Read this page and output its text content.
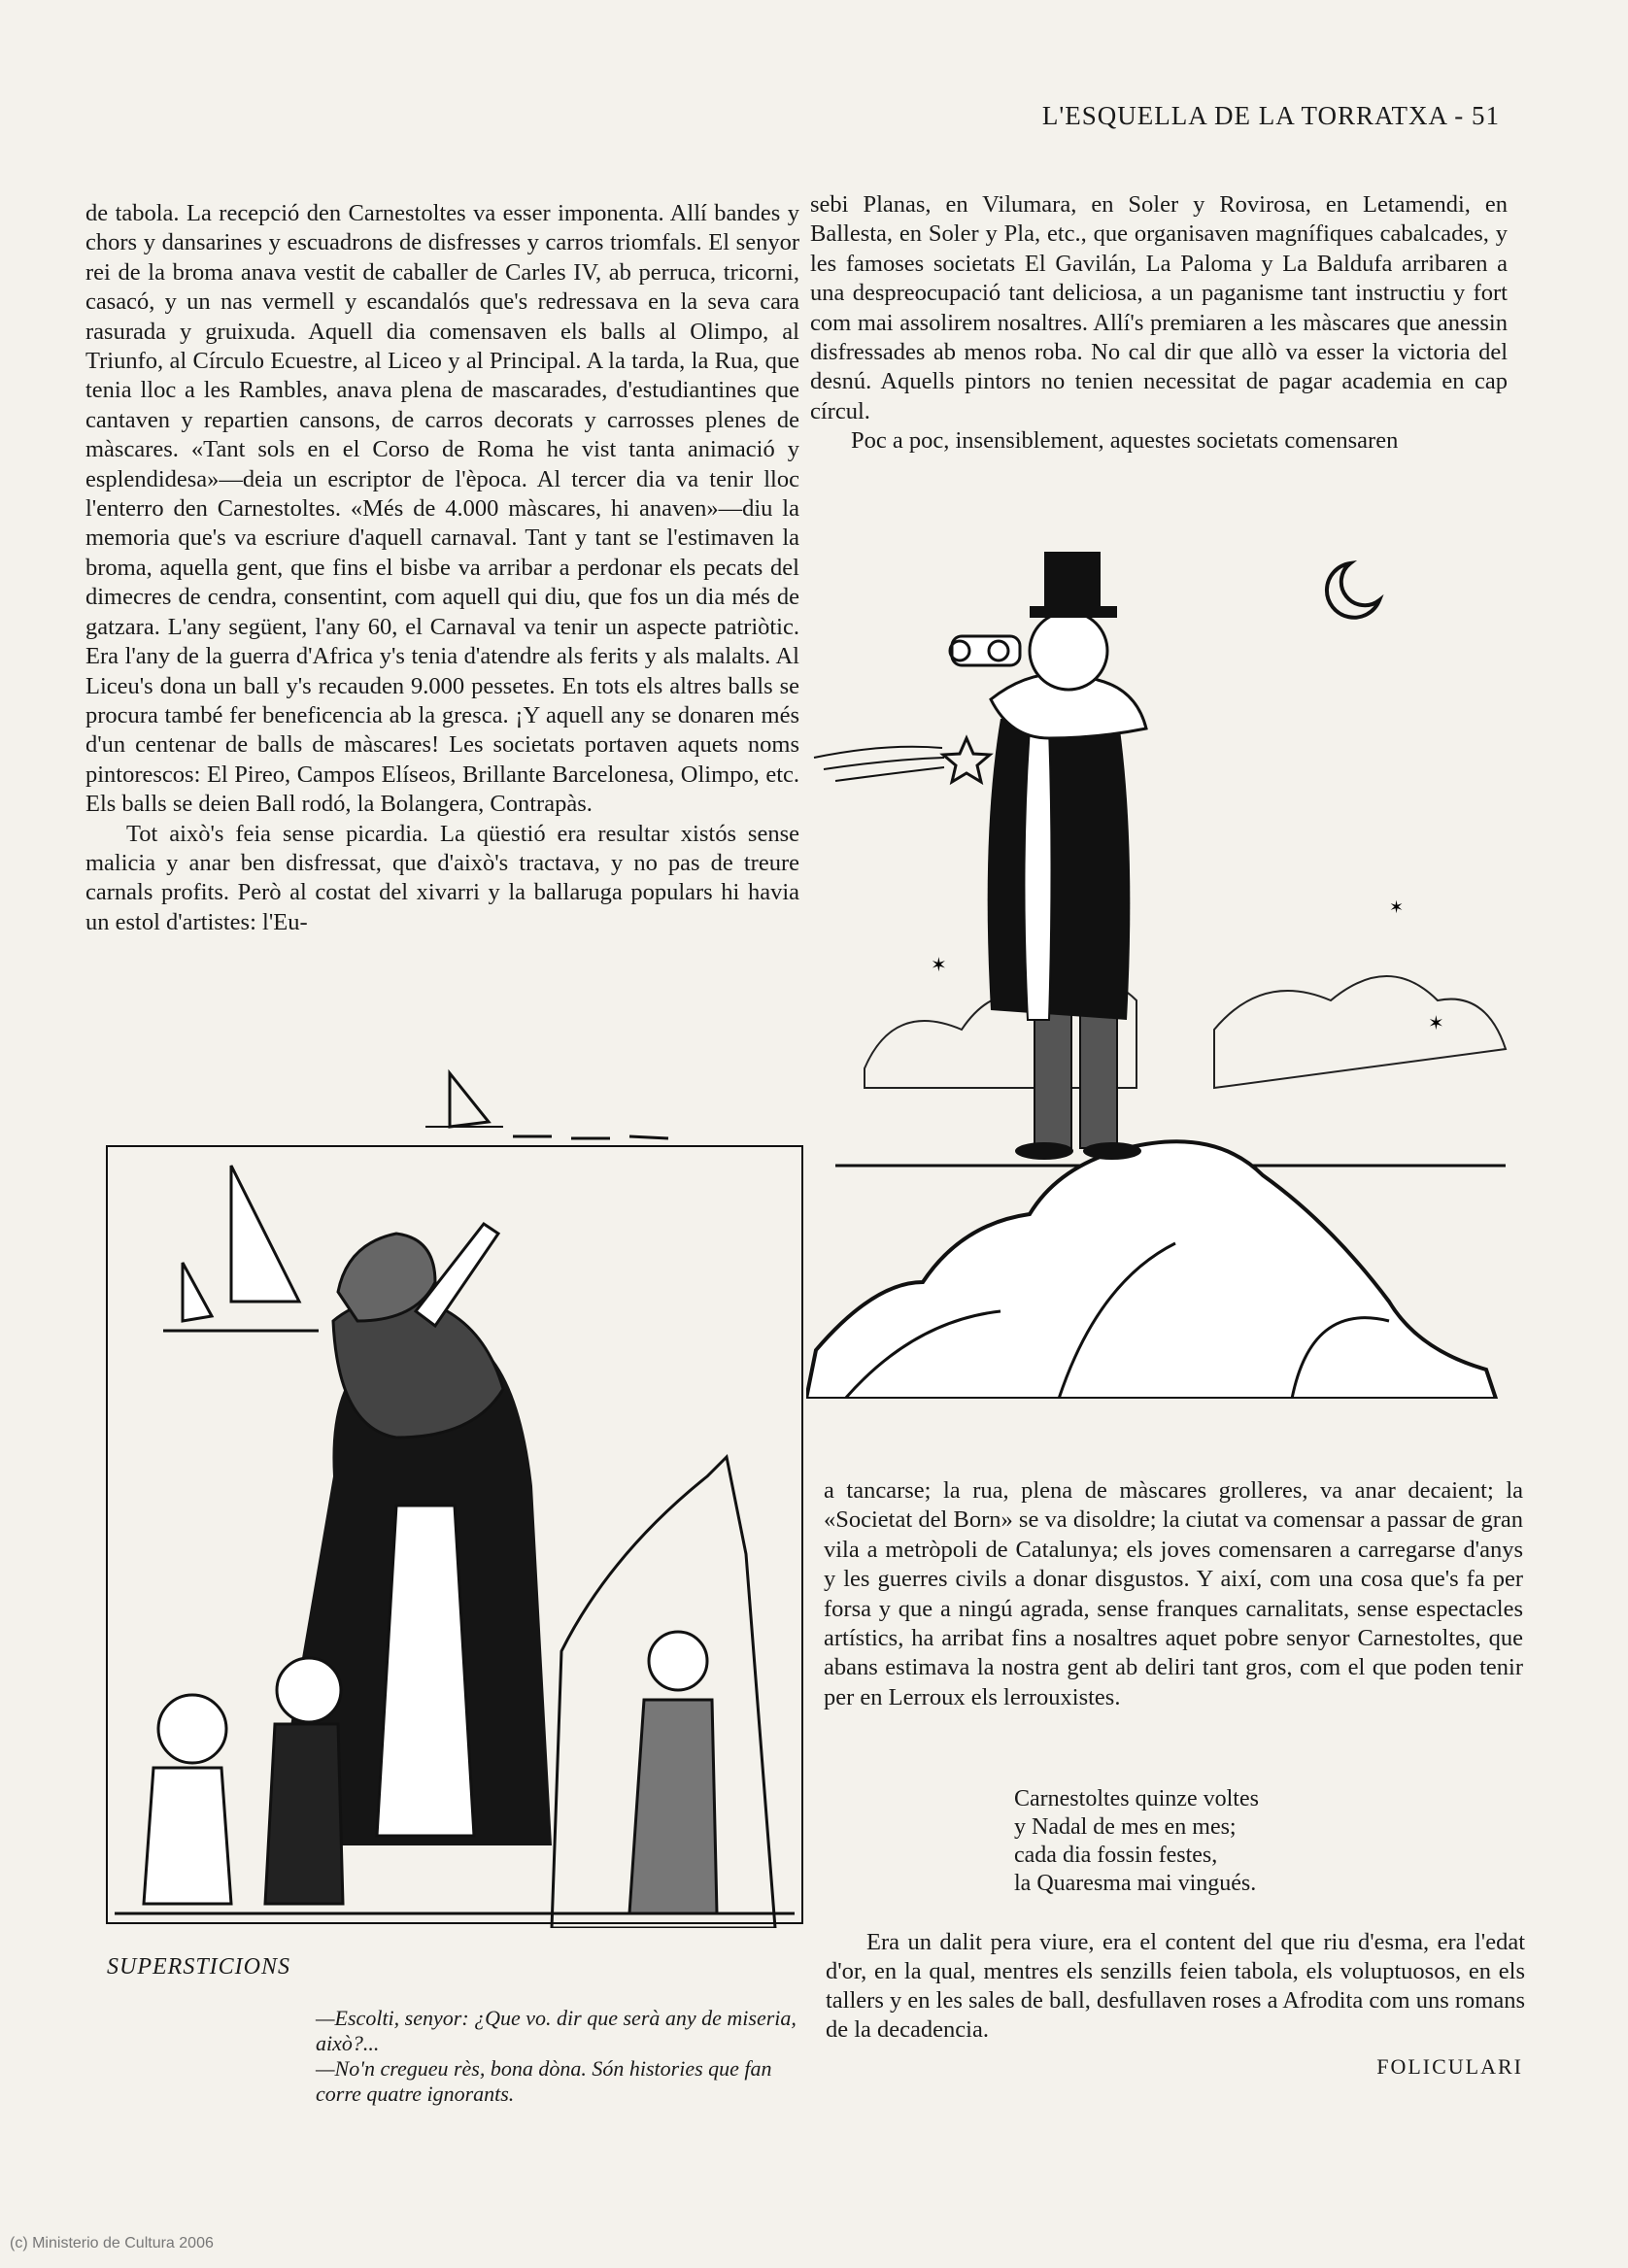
L'ESQUELLA DE LA TORRATXA - 51

de tabola. La recepció den Carnestoltes va esser imponenta. Allí bandes y chors y dansarines y escuadrons de disfresses y carros triomfals. El senyor rei de la broma anava vestit de caballer de Carles IV, ab perruca, tricorni, casacó, y un nas vermell y escandalós que's redressava en la seva cara rasurada y gruixuda. Aquell dia comensaven els balls al Olimpo, al Triunfo, al Círculo Ecuestre, al Liceo y al Principal. A la tarda, la Rua, que tenia lloc a les Rambles, anava plena de mascarades, d'estudiantines que cantaven y repartien cansons, de carros decorats y carrosses plenes de màscares. «Tant sols en el Corso de Roma he vist tanta animació y esplendidesa»—deia un escriptor de l'època. Al tercer dia va tenir lloc l'enterro den Carnestoltes. «Més de 4.000 màscares, hi anaven»—diu la memoria que's va escriure d'aquell carnaval. Tant y tant se l'estimaven la broma, aquella gent, que fins el bisbe va arribar a perdonar els pecats del dimecres de cendra, consentint, com aquell qui diu, que fos un dia més de gatzara. L'any següent, l'any 60, el Carnaval va tenir un aspecte patriòtic. Era l'any de la guerra d'Africa y's tenia d'atendre als ferits y als malalts. Al Liceu's dona un ball y's recauden 9.000 pessetes. En tots els altres balls se procura també fer beneficencia ab la gresca. ¡Y aquell any se donaren més d'un centenar de balls de màscares! Les societats portaven aquets noms pintorescos: El Pireo, Campos Elíseos, Brillante Barcelonesa, Olimpo, etc. Els balls se deien Ball rodó, la Bolangera, Contrapàs.

Tot això's feia sense picardia. La qüestió era resultar xistós sense malicia y anar ben disfressat, que d'això's tractava, y no pas de treure carnals profits. Però al costat del xivarri y la ballaruga populars hi havia un estol d'artistes: l'Eu-

sebi Planas, en Vilumara, en Soler y Rovirosa, en Letamendi, en Ballesta, en Soler y Pla, etc., que organisaven magnífiques cabalcades, y les famoses societats El Gavilán, La Paloma y La Baldufa arribaren a una despreocupació tant deliciosa, a un paganisme tant instructiu y fort com mai assolirem nosaltres. Allí's premiaren a les màscares que anessin disfressades ab menos roba. No cal dir que allò va esser la victoria del desnú. Aquells pintors no tenien necessitat de pagar academia en cap círcul.

Poc a poc, insensiblement, aquestes societats comensaren

✶
✶
✶

a tancarse; la rua, plena de màscares grolleres, va anar decaient; la «Societat del Born» se va disoldre; la ciutat va comensar a passar de gran vila a metròpoli de Catalunya; els joves comensaren a carregarse d'anys y les guerres civils a donar disgustos. Y així, com una cosa que's fa per forsa y que a ningú agrada, sense franques carnalitats, sense espectacles artístics, ha arribat fins a nosaltres aquet pobre senyor Carnestoltes, que abans estimava la nostra gent ab deliri tant gros, com el que poden tenir per en Lerroux els lerrouxistes.

Carnestoltes quinze voltes
y Nadal de mes en mes;
cada dia fossin festes,
la Quaresma mai vingués.
Era un dalit pera viure, era el content del que riu d'esma, era l'edat d'or, en la qual, mentres els senzills feien tabola, els voluptuosos, en els tallers y en les sales de ball, desfullaven roses a Afrodita com uns romans de la decadencia.
FOLICULARI
SUPERSTICIONS

—Escolti, senyor: ¿Que vo. dir que serà any de miseria, això?...

—No'n cregueu rès, bona dòna. Són histories que fan corre quatre ignorants.

(c) Ministerio de Cultura 2006
